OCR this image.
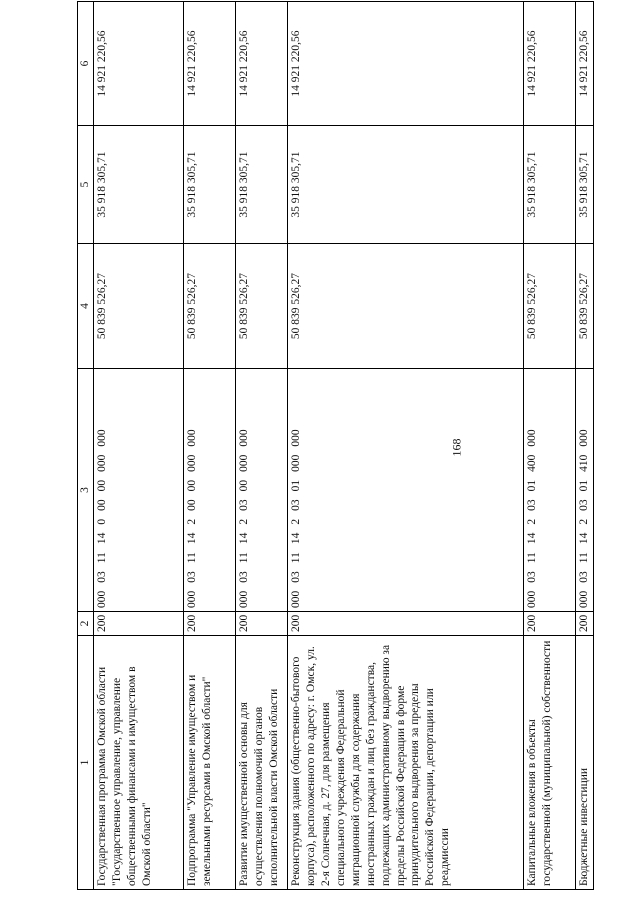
168
1	2	3	4	5	6
Государственная программа Омской области "Государственное управление, управление общественными финансами и имуществом в Омской области"	200	00003111400000000000	50 839 526,27	35 918 305,71	14 921 220,56
Подпрограмма "Управление имуществом и земельными ресурсами в Омской области"	200	00003111420000000000	50 839 526,27	35 918 305,71	14 921 220,56
Развитие имущественной основы для осуществления полномочий органов исполнительной власти Омской области	200	00003111420300000000	50 839 526,27	35 918 305,71	14 921 220,56
Реконструкция здания (общественно-бытового корпуса), расположенного по адресу: г. Омск, ул. 2-я Солнечная, д. 27, для размещения специального учреждения Федеральной миграционной службы для содержания иностранных граждан и лиц без гражданства, подлежащих административному выдворению за пределы Российской Федерации в форме принудительного выдворения за пределы Российской Федерации, депортации или реадмиссии	200	00003111420301000000	50 839 526,27	35 918 305,71	14 921 220,56
Капитальные вложения в объекты государственной (муниципальной) собственности	200	00003111420301400000	50 839 526,27	35 918 305,71	14 921 220,56
Бюджетные инвестиции	200	00003111420301410000	50 839 526,27	35 918 305,71	14 921 220,56
